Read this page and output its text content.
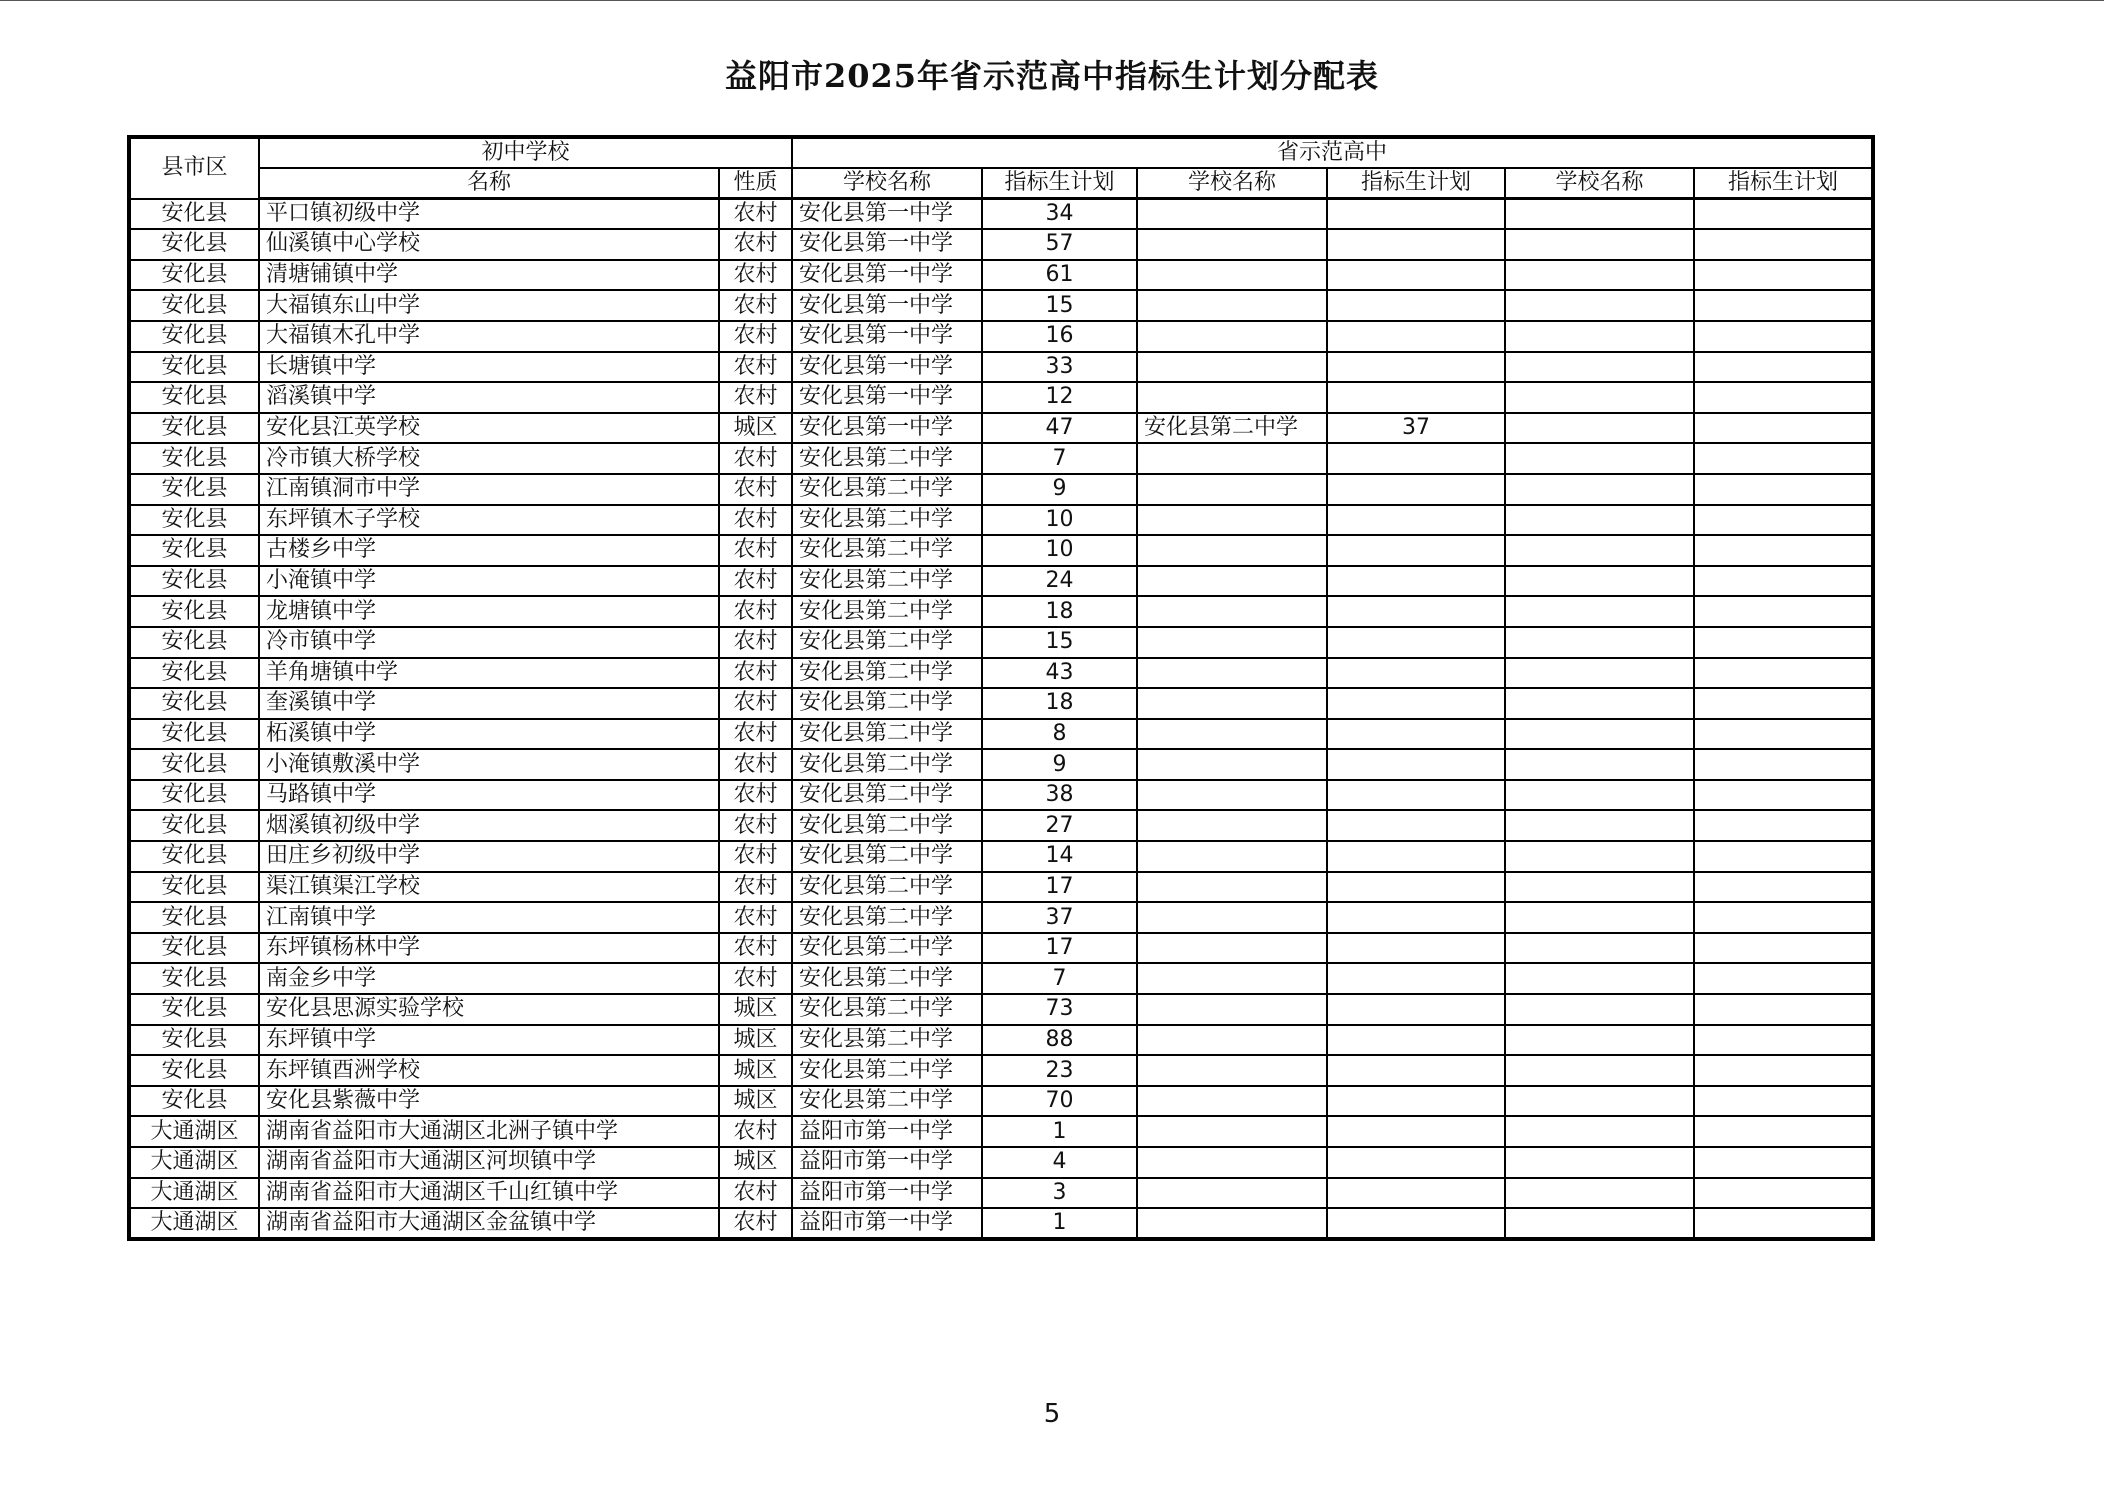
益阳市2025年省示范高中指标生计划分配表
县市区	初中学校		省示范高中					
	名称	性质	学校名称	指标生计划	学校名称	指标生计划	学校名称	指标生计划
安化县	平口镇初级中学	农村	安化县第一中学	34				
安化县	仙溪镇中心学校	农村	安化县第一中学	57				
安化县	清塘铺镇中学	农村	安化县第一中学	61				
安化县	大福镇东山中学	农村	安化县第一中学	15				
安化县	大福镇木孔中学	农村	安化县第一中学	16				
安化县	长塘镇中学	农村	安化县第一中学	33				
安化县	滔溪镇中学	农村	安化县第一中学	12				
安化县	安化县江英学校	城区	安化县第一中学	47	安化县第二中学	37		
安化县	冷市镇大桥学校	农村	安化县第二中学	7				
安化县	江南镇洞市中学	农村	安化县第二中学	9				
安化县	东坪镇木子学校	农村	安化县第二中学	10				
安化县	古楼乡中学	农村	安化县第二中学	10				
安化县	小淹镇中学	农村	安化县第二中学	24				
安化县	龙塘镇中学	农村	安化县第二中学	18				
安化县	冷市镇中学	农村	安化县第二中学	15				
安化县	羊角塘镇中学	农村	安化县第二中学	43				
安化县	奎溪镇中学	农村	安化县第二中学	18				
安化县	柘溪镇中学	农村	安化县第二中学	8				
安化县	小淹镇敷溪中学	农村	安化县第二中学	9				
安化县	马路镇中学	农村	安化县第二中学	38				
安化县	烟溪镇初级中学	农村	安化县第二中学	27				
安化县	田庄乡初级中学	农村	安化县第二中学	14				
安化县	渠江镇渠江学校	农村	安化县第二中学	17				
安化县	江南镇中学	农村	安化县第二中学	37				
安化县	东坪镇杨林中学	农村	安化县第二中学	17				
安化县	南金乡中学	农村	安化县第二中学	7				
安化县	安化县思源实验学校	城区	安化县第二中学	73				
安化县	东坪镇中学	城区	安化县第二中学	88				
安化县	东坪镇酉洲学校	城区	安化县第二中学	23				
安化县	安化县紫薇中学	城区	安化县第二中学	70				
大通湖区	湖南省益阳市大通湖区北洲子镇中学	农村	益阳市第一中学	1				
大通湖区	湖南省益阳市大通湖区河坝镇中学	城区	益阳市第一中学	4				
大通湖区	湖南省益阳市大通湖区千山红镇中学	农村	益阳市第一中学	3				
大通湖区	湖南省益阳市大通湖区金盆镇中学	农村	益阳市第一中学	1				
5
